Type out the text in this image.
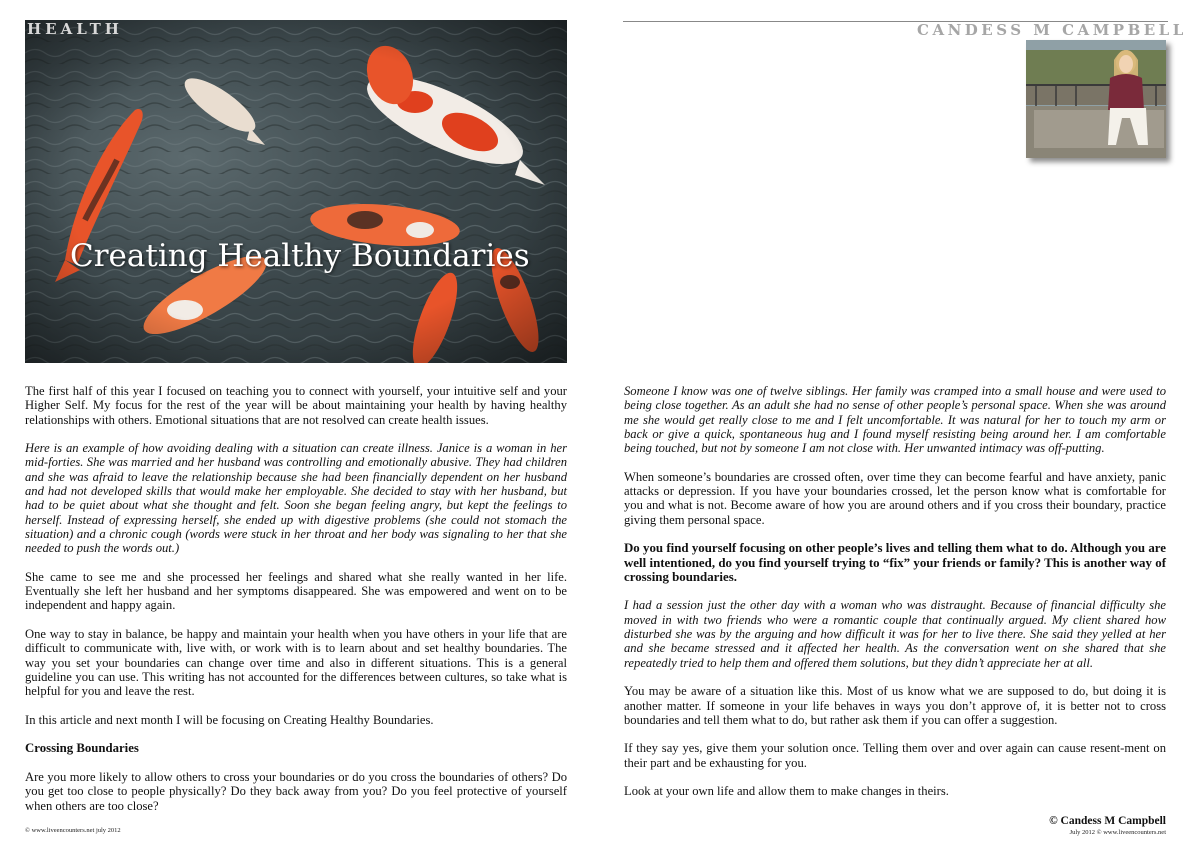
HEALTH
Creating Healthy Boundaries
CANDESS M CAMPBELL

The first half of this year I focused on teaching you to connect with yourself, your intuitive self and your Higher Self. My focus for the rest of the year will be about maintaining your health by having healthy relationships with others. Emotional situations that are not resolved can create health issues.

Here is an example of how avoiding dealing with a situation can create illness. Janice is a woman in her mid-forties. She was married and her husband was controlling and emotionally abusive. They had children and she was afraid to leave the relationship because she had been financially dependent on her husband and had not developed skills that would make her employable. She decided to stay with her husband, but had to be quiet about what she thought and felt. Soon she began feeling angry, but kept the feelings to herself. Instead of expressing herself, she ended up with digestive problems (she could not stomach the situation) and a chronic cough (words were stuck in her throat and her body was signaling to her that she needed to push the words out.)

She came to see me and she processed her feelings and shared what she really wanted in her life. Eventually she left her husband and her symptoms disappeared. She was empowered and went on to be independent and happy again.

One way to stay in balance, be happy and maintain your health when you have others in your life that are difficult to communicate with, live with, or work with is to learn about and set healthy boundaries. The way you set your boundaries can change over time and also in different situations. This is a general guideline you can use. This writing has not accounted for the differences between cultures, so take what is helpful for you and leave the rest.

In this article and next month I will be focusing on Creating Healthy Boundaries.

Crossing Boundaries

Are you more likely to allow others to cross your boundaries or do you cross the boundaries of others? Do you get too close to people physically? Do they back away from you? Do you feel protective of yourself when others are too close?

Someone I know was one of twelve siblings. Her family was cramped into a small house and were used to being close together. As an adult she had no sense of other people’s personal space. When she was around me she would get really close to me and I felt uncomfortable. It was natural for her to touch my arm or back or give a quick, spontaneous hug and I found myself resisting being around her. I am comfortable being touched, but not by someone I am not close with. Her unwanted intimacy was off-putting.

When someone’s boundaries are crossed often, over time they can become fearful and have anxiety, panic attacks or depression. If you have your boundaries crossed, let the person know what is comfortable for you and what is not. Become aware of how you are around others and if you cross their boundary, practice giving them personal space.

Do you find yourself focusing on other people’s lives and telling them what to do. Although you are well intentioned, do you find yourself trying to “fix” your friends or family? This is another way of crossing boundaries.

I had a session just the other day with a woman who was distraught. Because of financial difficulty she moved in with two friends who were a romantic couple that continually argued. My client shared how disturbed she was by the arguing and how difficult it was for her to live there. She said they yelled at her and she became stressed and it affected her health. As the conversation went on she shared that she repeatedly tried to help them and offered them solutions, but they didn’t appreciate her at all.

You may be aware of a situation like this. Most of us know what we are supposed to do, but doing it is another matter. If someone in your life behaves in ways you don’t approve of, it is better not to cross boundaries and tell them what to do, but rather ask them if you can offer a suggestion.

If they say yes, give them your solution once. Telling them over and over again can cause resent-ment on their part and be exhausting for you.

Look at your own life and allow them to make changes in theirs.

© www.liveencounters.net july 2012
© Candess M Campbell
July 2012 © www.liveencounters.net
